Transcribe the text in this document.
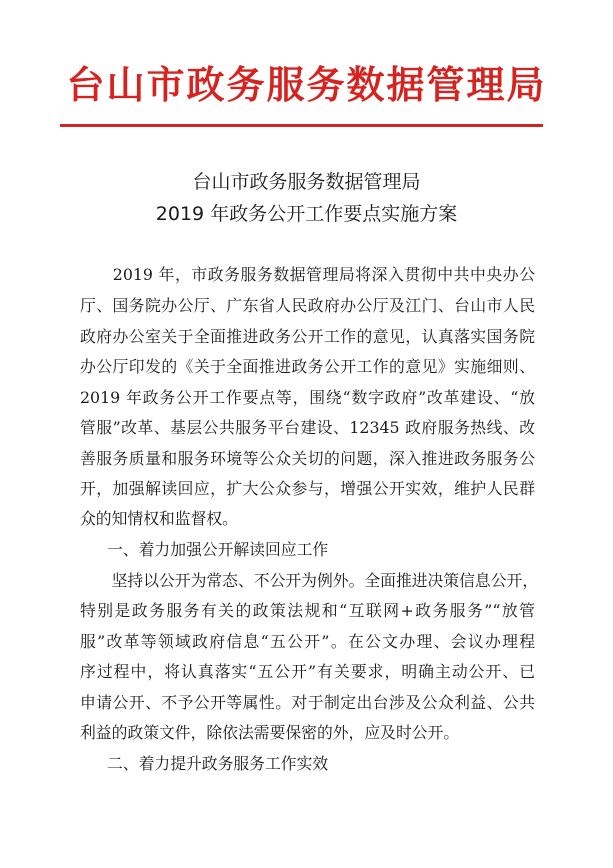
台山市政务服务数据管理局
台山市政务服务数据管理局
2019 年政务公开工作要点实施方案
　　2019 年，市政务服务数据管理局将深入贯彻中共中央办公
厅、国务院办公厅、广东省人民政府办公厅及江门、台山市人民
政府办公室关于全面推进政务公开工作的意见，认真落实国务院
办公厅印发的《关于全面推进政务公开工作的意见》实施细则、
2019 年政务公开工作要点等，围绕“数字政府”改革建设、“放
管服”改革、基层公共服务平台建设、12345 政府服务热线、改
善服务质量和服务环境等公众关切的问题，深入推进政务服务公
开，加强解读回应，扩大公众参与，增强公开实效，维护人民群
众的知情权和监督权。
一、着力加强公开解读回应工作
　　坚持以公开为常态、不公开为例外。全面推进决策信息公开，
特别是政务服务有关的政策法规和“互联网+政务服务”“放管
服”改革等领域政府信息“五公开”。在公文办理、会议办理程
序过程中，将认真落实“五公开”有关要求，明确主动公开、已
申请公开、不予公开等属性。对于制定出台涉及公众利益、公共
利益的政策文件，除依法需要保密的外，应及时公开。
二、着力提升政务服务工作实效
